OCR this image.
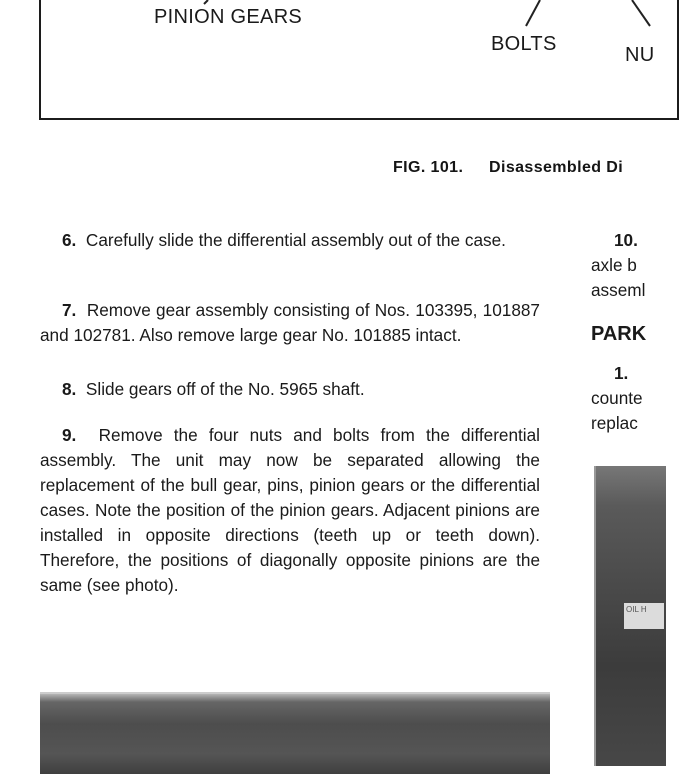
PINION GEARS
BOLTS	NU
FIG. 101. Disassembled Di
6. Carefully slide the differential assembly out of the case.
7. Remove gear assembly consisting of Nos. 103395, 101887 and 102781. Also remove large gear No. 101885 intact.
8. Slide gears off of the No. 5965 shaft.
9. Remove the four nuts and bolts from the differential assembly. The unit may now be separated allowing the replacement of the bull gear, pins, pinion gears or the differential cases. Note the position of the pinion gears. Adjacent pinions are installed in opposite directions (teeth up or teeth down). Therefore, the positions of diagonally opposite pinions are the same (see photo).
10.
axle b
asseml
PARK
1.
counte
replac
OIL H
